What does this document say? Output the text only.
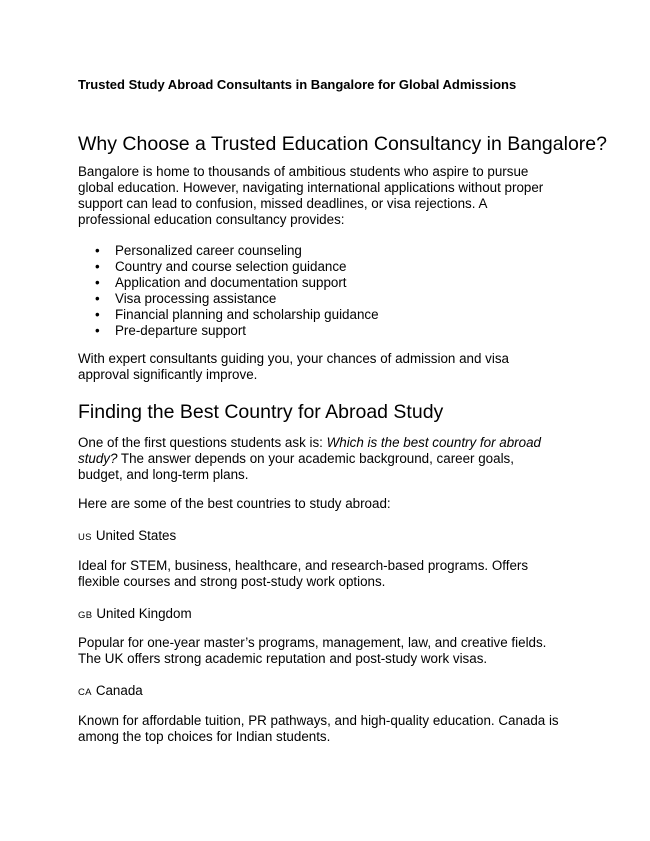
Trusted Study Abroad Consultants in Bangalore for Global Admissions
Why Choose a Trusted Education Consultancy in Bangalore?

Bangalore is home to thousands of ambitious students who aspire to pursue
global education. However, navigating international applications without proper
support can lead to confusion, missed deadlines, or visa rejections. A
professional education consultancy provides:

• Personalized career counseling
• Country and course selection guidance
• Application and documentation support
• Visa processing assistance
• Financial planning and scholarship guidance
• Pre-departure support

With expert consultants guiding you, your chances of admission and visa
approval significantly improve.

Finding the Best Country for Abroad Study

One of the first questions students ask is: Which is the best country for abroad
study? The answer depends on your academic background, career goals,
budget, and long-term plans.

Here are some of the best countries to study abroad:

US United States

Ideal for STEM, business, healthcare, and research-based programs. Offers
flexible courses and strong post-study work options.

GB United Kingdom

Popular for one-year master’s programs, management, law, and creative fields.
The UK offers strong academic reputation and post-study work visas.

CA Canada

Known for affordable tuition, PR pathways, and high-quality education. Canada is
among the top choices for Indian students.
